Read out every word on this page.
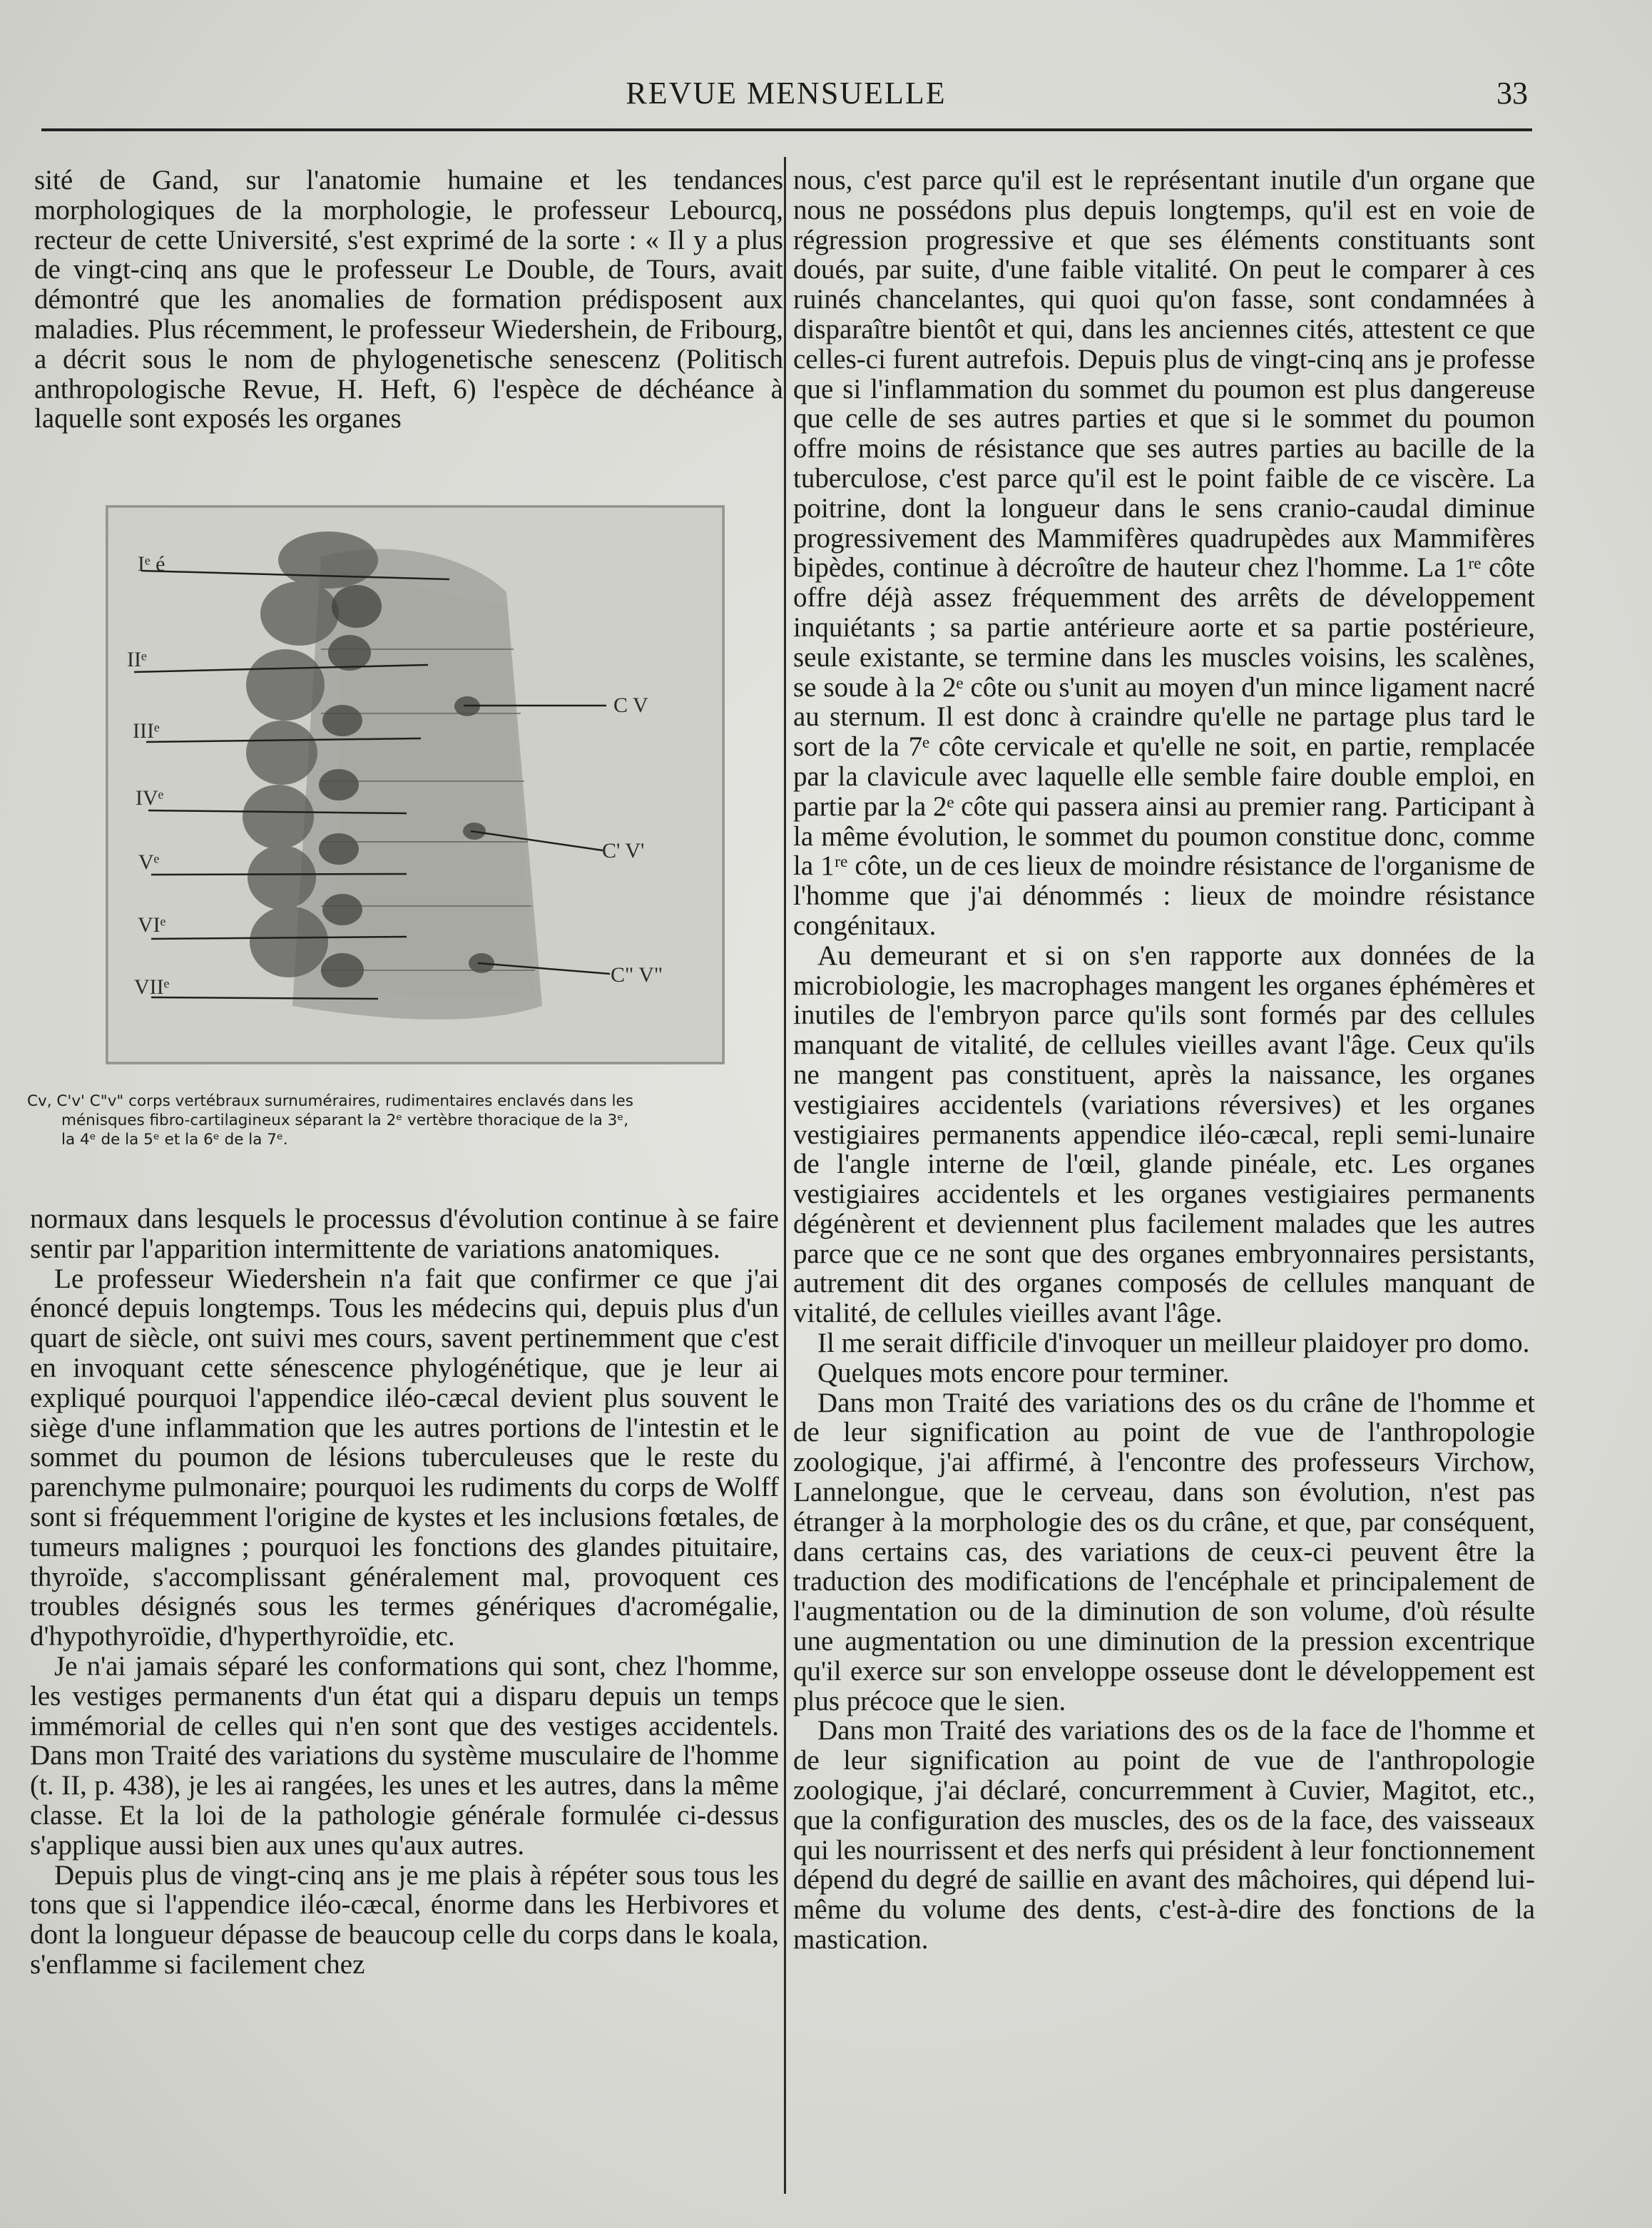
REVUE MENSUELLE	33

sité de Gand, sur l'anatomie humaine et les tendances morphologiques de la morphologie, le professeur Lebourcq, recteur de cette Université, s'est exprimé de la sorte : « Il y a plus de vingt-cinq ans que le professeur Le Double, de Tours, avait démontré que les anomalies de formation prédisposent aux maladies. Plus récemment, le professeur Wiedershein, de Fribourg, a décrit sous le nom de phylogenetische senescenz (Politisch anthropologische Revue, H. Heft, 6) l'espèce de déchéance à laquelle sont exposés les organes

Iᵉ é
IIᵉ
IIIᵉ
IVᵉ
Vᵉ
VIᵉ
VIIᵉ
C V
C' V'
C" V"
Cv, C'v' C"v" corps vertébraux surnuméraires, rudimentaires enclavés dans les
ménisques fibro-cartilagineux séparant la 2ᵉ vertèbre thoracique de la 3ᵉ,
la 4ᵉ de la 5ᵉ et la 6ᵉ de la 7ᵉ.

normaux dans lesquels le processus d'évolution continue à se faire sentir par l'apparition intermittente de variations anatomiques.

Le professeur Wiedershein n'a fait que confirmer ce que j'ai énoncé depuis longtemps. Tous les médecins qui, depuis plus d'un quart de siècle, ont suivi mes cours, savent pertinemment que c'est en invoquant cette sénescence phylogénétique, que je leur ai expliqué pourquoi l'appendice iléo-cæcal devient plus souvent le siège d'une inflammation que les autres portions de l'intestin et le sommet du poumon de lésions tuberculeuses que le reste du parenchyme pulmonaire; pourquoi les rudiments du corps de Wolff sont si fréquemment l'origine de kystes et les inclusions fœtales, de tumeurs malignes ; pourquoi les fonctions des glandes pituitaire, thyroïde, s'accomplissant généralement mal, provoquent ces troubles désignés sous les termes génériques d'acromégalie, d'hypothyroïdie, d'hyperthyroïdie, etc.

Je n'ai jamais séparé les conformations qui sont, chez l'homme, les vestiges permanents d'un état qui a disparu depuis un temps immémorial de celles qui n'en sont que des vestiges accidentels. Dans mon Traité des variations du système musculaire de l'homme (t. II, p. 438), je les ai rangées, les unes et les autres, dans la même classe. Et la loi de la pathologie générale formulée ci-dessus s'applique aussi bien aux unes qu'aux autres.

Depuis plus de vingt-cinq ans je me plais à répéter sous tous les tons que si l'appendice iléo-cæcal, énorme dans les Herbivores et dont la longueur dépasse de beaucoup celle du corps dans le koala, s'enflamme si facilement chez

nous, c'est parce qu'il est le représentant inutile d'un organe que nous ne possédons plus depuis longtemps, qu'il est en voie de régression progressive et que ses éléments constituants sont doués, par suite, d'une faible vitalité. On peut le comparer à ces ruinés chancelantes, qui quoi qu'on fasse, sont condamnées à disparaître bientôt et qui, dans les anciennes cités, attestent ce que celles-ci furent autrefois. Depuis plus de vingt-cinq ans je professe que si l'inflammation du sommet du poumon est plus dangereuse que celle de ses autres parties et que si le sommet du poumon offre moins de résistance que ses autres parties au bacille de la tuberculose, c'est parce qu'il est le point faible de ce viscère. La poitrine, dont la longueur dans le sens cranio-caudal diminue progressivement des Mammifères quadrupèdes aux Mammifères bipèdes, continue à décroître de hauteur chez l'homme. La 1ʳᵉ côte offre déjà assez fréquemment des arrêts de développement inquiétants ; sa partie antérieure aorte et sa partie postérieure, seule existante, se termine dans les muscles voisins, les scalènes, se soude à la 2ᵉ côte ou s'unit au moyen d'un mince ligament nacré au sternum. Il est donc à craindre qu'elle ne partage plus tard le sort de la 7ᵉ côte cervicale et qu'elle ne soit, en partie, remplacée par la clavicule avec laquelle elle semble faire double emploi, en partie par la 2ᵉ côte qui passera ainsi au premier rang. Participant à la même évolution, le sommet du poumon constitue donc, comme la 1ʳᵉ côte, un de ces lieux de moindre résistance de l'organisme de l'homme que j'ai dénommés : lieux de moindre résistance congénitaux.

Au demeurant et si on s'en rapporte aux données de la microbiologie, les macrophages mangent les organes éphémères et inutiles de l'embryon parce qu'ils sont formés par des cellules manquant de vitalité, de cellules vieilles avant l'âge. Ceux qu'ils ne mangent pas constituent, après la naissance, les organes vestigiaires accidentels (variations réversives) et les organes vestigiaires permanents appendice iléo-cæcal, repli semi-lunaire de l'angle interne de l'œil, glande pinéale, etc. Les organes vestigiaires accidentels et les organes vestigiaires permanents dégénèrent et deviennent plus facilement malades que les autres parce que ce ne sont que des organes embryonnaires persistants, autrement dit des organes composés de cellules manquant de vitalité, de cellules vieilles avant l'âge.

Il me serait difficile d'invoquer un meilleur plaidoyer pro domo.

Quelques mots encore pour terminer.

Dans mon Traité des variations des os du crâne de l'homme et de leur signification au point de vue de l'anthropologie zoologique, j'ai affirmé, à l'encontre des professeurs Virchow, Lannelongue, que le cerveau, dans son évolution, n'est pas étranger à la morphologie des os du crâne, et que, par conséquent, dans certains cas, des variations de ceux-ci peuvent être la traduction des modifications de l'encéphale et principalement de l'augmentation ou de la diminution de son volume, d'où résulte une augmentation ou une diminution de la pression excentrique qu'il exerce sur son enveloppe osseuse dont le développement est plus précoce que le sien.

Dans mon Traité des variations des os de la face de l'homme et de leur signification au point de vue de l'anthropologie zoologique, j'ai déclaré, concurremment à Cuvier, Magitot, etc., que la configuration des muscles, des os de la face, des vaisseaux qui les nourrissent et des nerfs qui président à leur fonctionnement dépend du degré de saillie en avant des mâchoires, qui dépend lui-même du volume des dents, c'est-à-dire des fonctions de la mastication.
